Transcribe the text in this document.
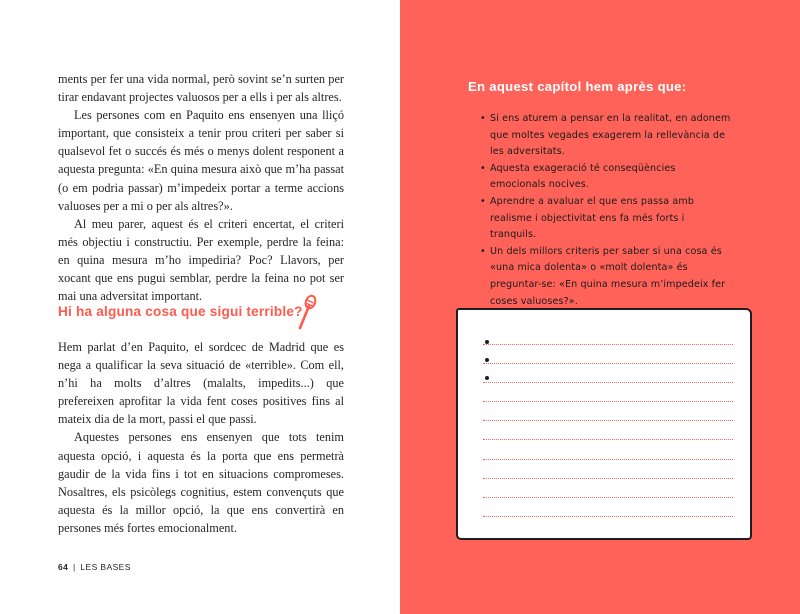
ments per fer una vida normal, però sovint se’n surten per tirar endavant projectes valuosos per a ells i per als altres.

Les persones com en Paquito ens ensenyen una lliçó important, que consisteix a tenir prou criteri per saber si qualsevol fet o succés és més o menys dolent responent a aquesta pregunta: «En quina mesura això que m’ha passat (o em podria passar) m’impedeix portar a terme accions valuoses per a mi o per als altres?».

Al meu parer, aquest és el criteri encertat, el criteri més objectiu i constructiu. Per exemple, perdre la feina: en quina mesura m’ho impediria? Poc? Llavors, per xocant que ens pugui semblar, perdre la feina no pot ser mai una adversitat important.

Hi ha alguna cosa que sigui terrible?

Hem parlat d’en Paquito, el sordcec de Madrid que es nega a qualificar la seva situació de «terrible». Com ell, n’hi ha molts d’altres (malalts, impedits...) que prefereixen aprofitar la vida fent coses positives fins al mateix dia de la mort, passi el que passi.

Aquestes persones ens ensenyen que tots tenim aquesta opció, i aquesta és la porta que ens permetrà gaudir de la vida fins i tot en situacions compromeses. Nosaltres, els psicòlegs cognitius, estem convençuts que aquesta és la millor opció, la que ens convertirà en persones més fortes emocionalment.

64 | LES BASES
En aquest capítol hem après que:
• Si ens aturem a pensar en la realitat, en adonem que moltes vegades exagerem la rellevància de les adversitats.
• Aquesta exageració té conseqüències emocionals nocives.
• Aprendre a avaluar el que ens passa amb realisme i objectivitat ens fa més forts i tranquils.
• Un dels millors criteris per saber si una cosa és «una mica dolenta» o «molt dolenta» és preguntar-se: «En quina mesura m’impedeix fer coses valuoses?».
